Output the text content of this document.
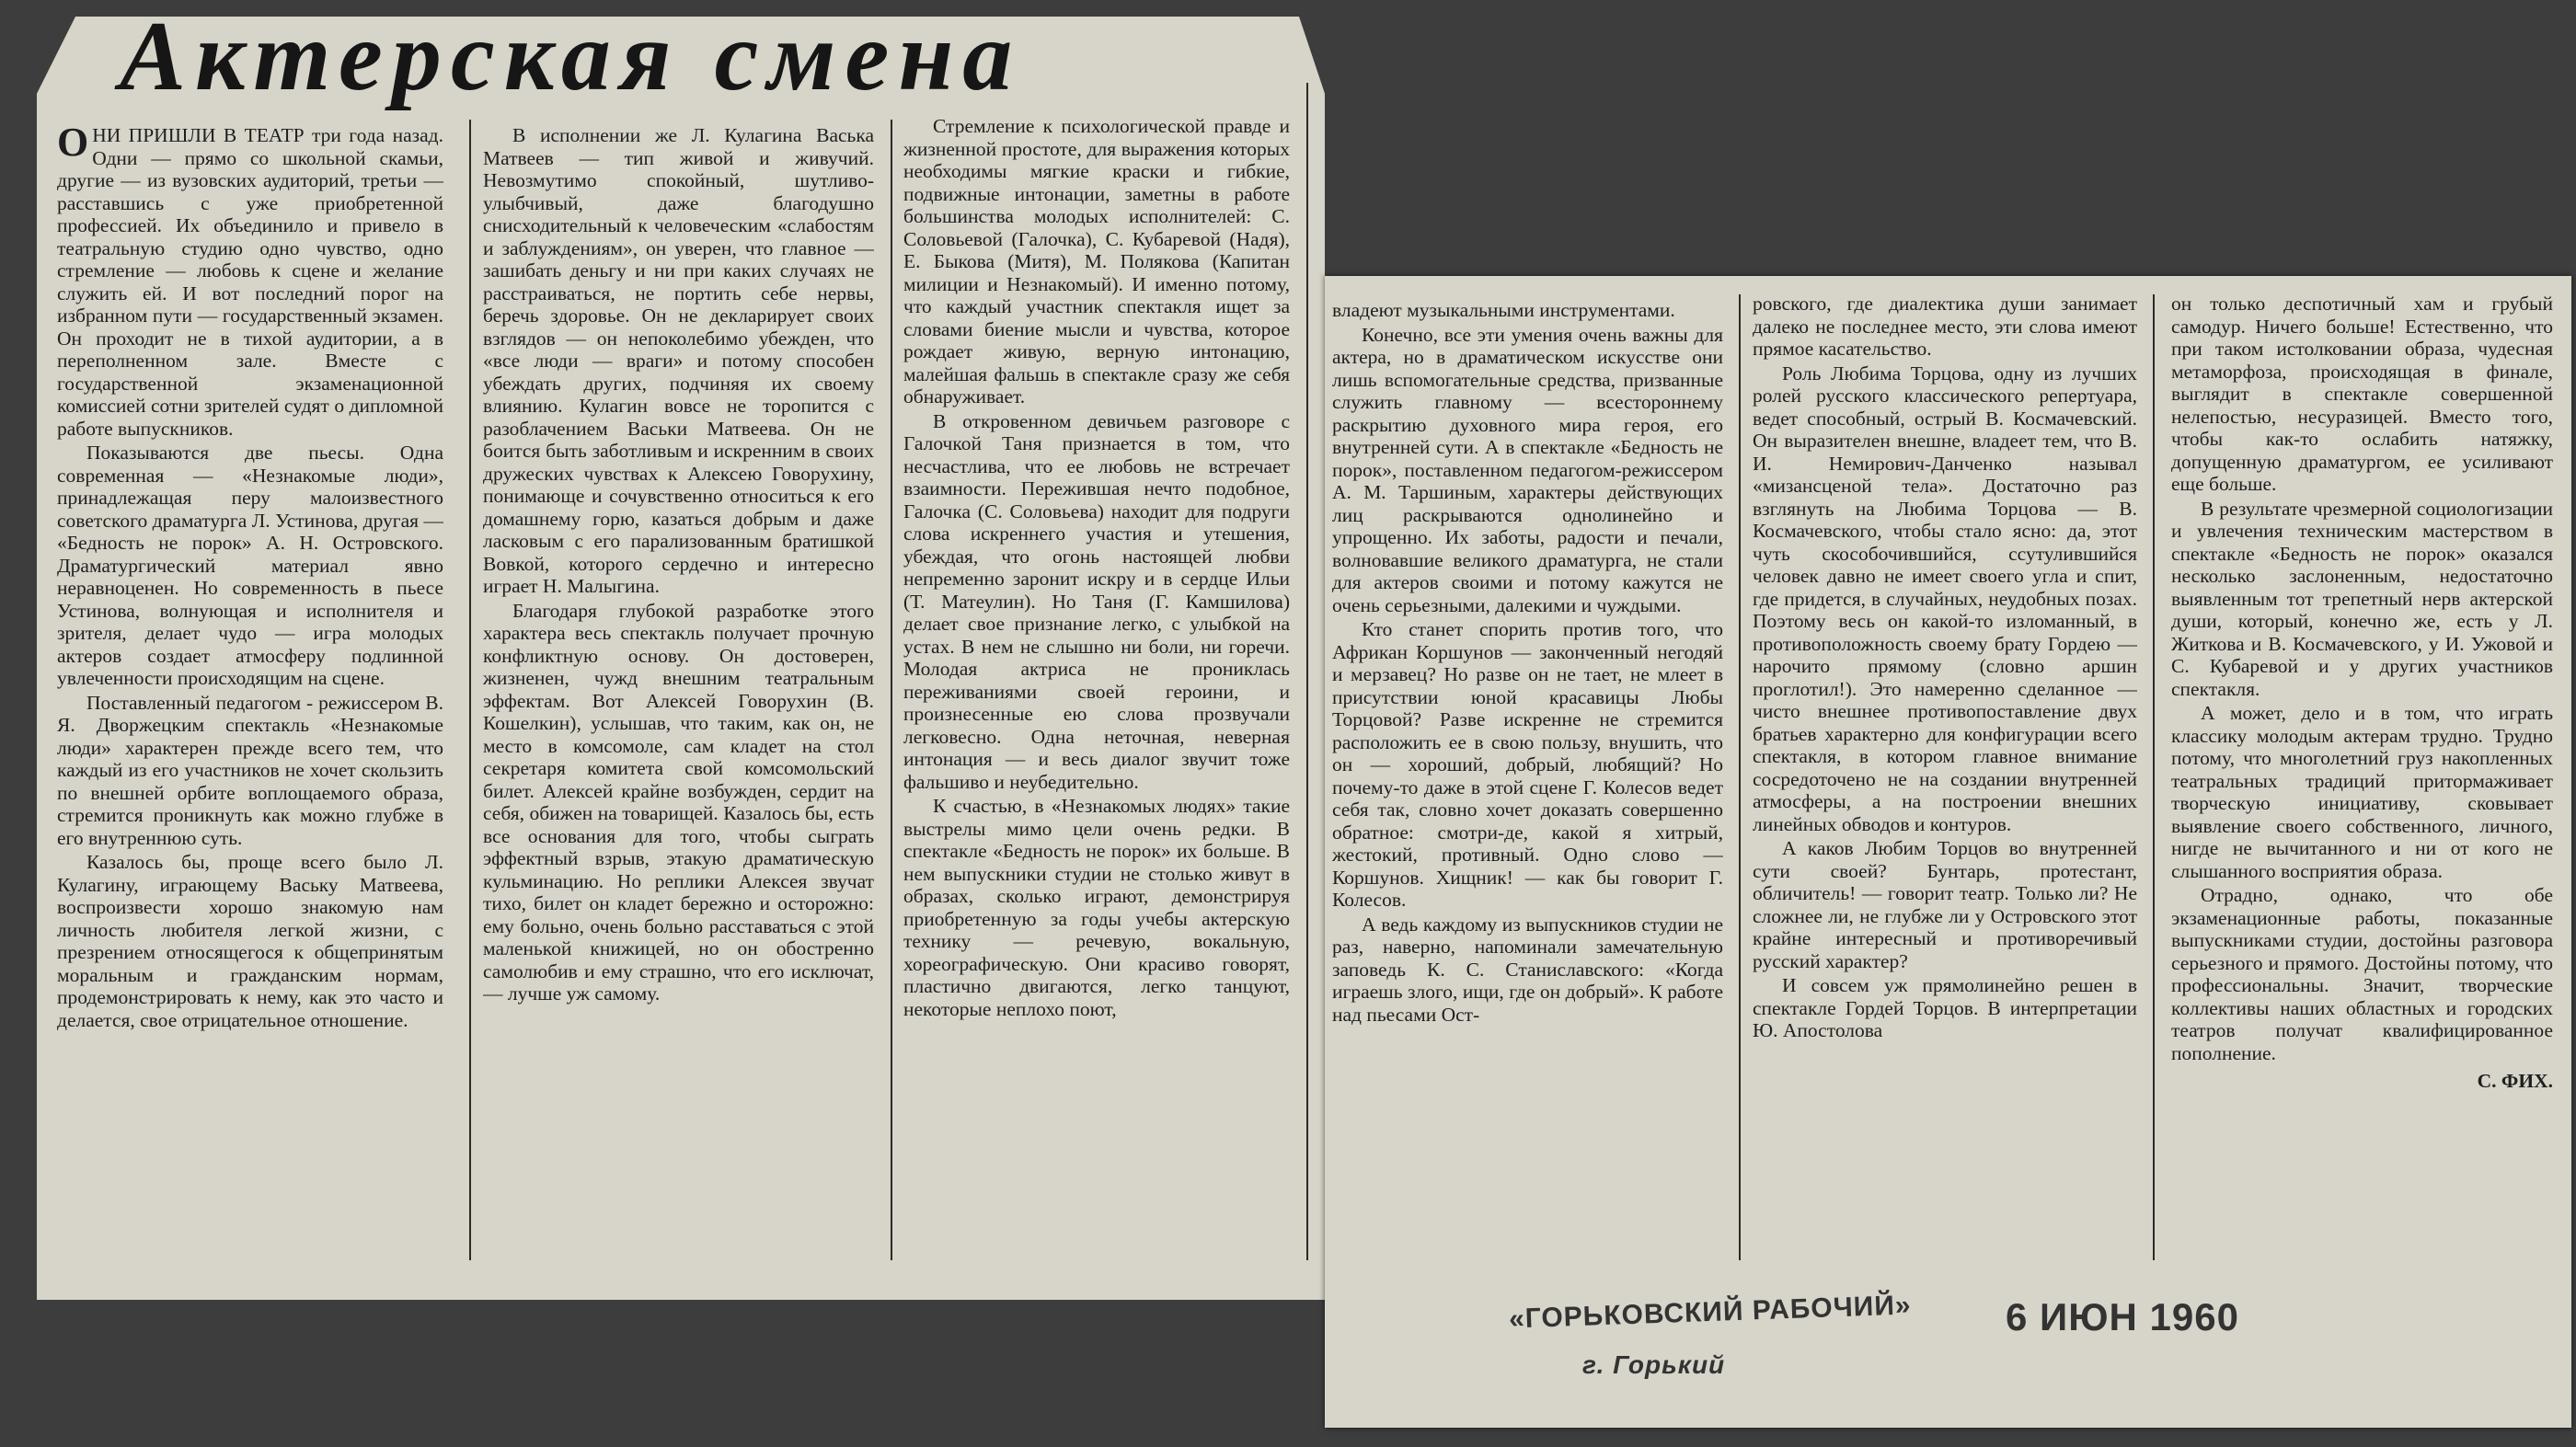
Актерская смена

ОНИ ПРИШЛИ В ТЕАТР три года назад. Одни — прямо со школьной скамьи, другие — из вузовских аудиторий, третьи — расставшись с уже приобретенной профессией. Их объединило и привело в театральную студию одно чувство, одно стремление — любовь к сцене и желание служить ей. И вот последний порог на избранном пути — государственный экзамен. Он проходит не в тихой аудитории, а в переполненном зале. Вместе с государственной экзаменационной комиссией сотни зрителей судят о дипломной работе выпускников.

Показываются две пьесы. Одна современная — «Незнакомые люди», принадлежащая перу малоизвестного советского драматурга Л. Устинова, другая — «Бедность не порок» А. Н. Островского. Драматургический материал явно неравноценен. Но современность в пьесе Устинова, волнующая и исполнителя и зрителя, делает чудо — игра молодых актеров создает атмосферу подлинной увлеченности происходящим на сцене.

Поставленный педагогом - режиссером В. Я. Дворжецким спектакль «Незнакомые люди» характерен прежде всего тем, что каждый из его участников не хочет скользить по внешней орбите воплощаемого образа, стремится проникнуть как можно глубже в его внутреннюю суть.

Казалось бы, проще всего было Л. Кулагину, играющему Ваську Матвеева, воспроизвести хорошо знакомую нам личность любителя легкой жизни, с презрением относящегося к общепринятым моральным и гражданским нормам, продемонстрировать к нему, как это часто и делается, свое отрицательное отношение.

В исполнении же Л. Кулагина Васька Матвеев — тип живой и живучий. Невозмутимо спокойный, шутливо-улыбчивый, даже благодушно снисходительный к человеческим «слабостям и заблуждениям», он уверен, что главное — зашибать деньгу и ни при каких случаях не расстраиваться, не портить себе нервы, беречь здоровье. Он не декларирует своих взглядов — он непоколебимо убежден, что «все люди — враги» и потому способен убеждать других, подчиняя их своему влиянию. Кулагин вовсе не торопится с разоблачением Васьки Матвеева. Он не боится быть заботливым и искренним в своих дружеских чувствах к Алексею Говорухину, понимающе и сочувственно относиться к его домашнему горю, казаться добрым и даже ласковым с его парализованным братишкой Вовкой, которого сердечно и интересно играет Н. Малыгина.

Благодаря глубокой разработке этого характера весь спектакль получает прочную конфликтную основу. Он достоверен, жизненен, чужд внешним театральным эффектам. Вот Алексей Говорухин (В. Кошелкин), услышав, что таким, как он, не место в комсомоле, сам кладет на стол секретаря комитета свой комсомольский билет. Алексей крайне возбужден, сердит на себя, обижен на товарищей. Казалось бы, есть все основания для того, чтобы сыграть эффектный взрыв, этакую драматическую кульминацию. Но реплики Алексея звучат тихо, билет он кладет бережно и осторожно: ему больно, очень больно расставаться с этой маленькой книжицей, но он обостренно самолюбив и ему страшно, что его исключат, — лучше уж самому.

Стремление к психологической правде и жизненной простоте, для выражения которых необходимы мягкие краски и гибкие, подвижные интонации, заметны в работе большинства молодых исполнителей: С. Соловьевой (Галочка), С. Кубаревой (Надя), Е. Быкова (Митя), М. Полякова (Капитан милиции и Незнакомый). И именно потому, что каждый участник спектакля ищет за словами биение мысли и чувства, которое рождает живую, верную интонацию, малейшая фальшь в спектакле сразу же себя обнаруживает.

В откровенном девичьем разговоре с Галочкой Таня признается в том, что несчастлива, что ее любовь не встречает взаимности. Пережившая нечто подобное, Галочка (С. Соловьева) находит для подруги слова искреннего участия и утешения, убеждая, что огонь настоящей любви непременно заронит искру и в сердце Ильи (Т. Матеулин). Но Таня (Г. Камшилова) делает свое признание легко, с улыбкой на устах. В нем не слышно ни боли, ни горечи. Молодая актриса не прониклась переживаниями своей героини, и произнесенные ею слова прозвучали легковесно. Одна неточная, неверная интонация — и весь диалог звучит тоже фальшиво и неубедительно.

К счастью, в «Незнакомых людях» такие выстрелы мимо цели очень редки. В спектакле «Бедность не порок» их больше. В нем выпускники студии не столько живут в образах, сколько играют, демонстрируя приобретенную за годы учебы актерскую технику — речевую, вокальную, хореографическую. Они красиво говорят, пластично двигаются, легко танцуют, некоторые неплохо поют,

владеют музыкальными инструментами.

Конечно, все эти умения очень важны для актера, но в драматическом искусстве они лишь вспомогательные средства, призванные служить главному — всестороннему раскрытию духовного мира героя, его внутренней сути. А в спектакле «Бедность не порок», поставленном педагогом-режиссером А. М. Таршиным, характеры действующих лиц раскрываются однолинейно и упрощенно. Их заботы, радости и печали, волновавшие великого драматурга, не стали для актеров своими и потому кажутся не очень серьезными, далекими и чуждыми.

Кто станет спорить против того, что Африкан Коршунов — законченный негодяй и мерзавец? Но разве он не тает, не млеет в присутствии юной красавицы Любы Торцовой? Разве искренне не стремится расположить ее в свою пользу, внушить, что он — хороший, добрый, любящий? Но почему-то даже в этой сцене Г. Колесов ведет себя так, словно хочет доказать совершенно обратное: смотри-де, какой я хитрый, жестокий, противный. Одно слово — Коршунов. Хищник! — как бы говорит Г. Колесов.

А ведь каждому из выпускников студии не раз, наверно, напоминали замечательную заповедь К. С. Станиславского: «Когда играешь злого, ищи, где он добрый». К работе над пьесами Ост-

ровского, где диалектика души занимает далеко не последнее место, эти слова имеют прямое касательство.

Роль Любима Торцова, одну из лучших ролей русского классического репертуара, ведет способный, острый В. Космачевский. Он выразителен внешне, владеет тем, что В. И. Немирович-Данченко называл «мизансценой тела». Достаточно раз взглянуть на Любима Торцова — В. Космачевского, чтобы стало ясно: да, этот чуть скособочившийся, ссутулившийся человек давно не имеет своего угла и спит, где придется, в случайных, неудобных позах. Поэтому весь он какой-то изломанный, в противоположность своему брату Гордею — нарочито прямому (словно аршин проглотил!). Это намеренно сделанное — чисто внешнее противопоставление двух братьев характерно для конфигурации всего спектакля, в котором главное внимание сосредоточено не на создании внутренней атмосферы, а на построении внешних линейных обводов и контуров.

А каков Любим Торцов во внутренней сути своей? Бунтарь, протестант, обличитель! — говорит театр. Только ли? Не сложнее ли, не глубже ли у Островского этот крайне интересный и противоречивый русский характер?

И совсем уж прямолинейно решен в спектакле Гордей Торцов. В интерпретации Ю. Апостолова

он только деспотичный хам и грубый самодур. Ничего больше! Естественно, что при таком истолковании образа, чудесная метаморфоза, происходящая в финале, выглядит в спектакле совершенной нелепостью, несуразицей. Вместо того, чтобы как-то ослабить натяжку, допущенную драматургом, ее усиливают еще больше.

В результате чрезмерной социологизации и увлечения техническим мастерством в спектакле «Бедность не порок» оказался несколько заслоненным, недостаточно выявленным тот трепетный нерв актерской души, который, конечно же, есть у Л. Житкова и В. Космачевского, у И. Ужовой и С. Кубаревой и у других участников спектакля.

А может, дело и в том, что играть классику молодым актерам трудно. Трудно потому, что многолетний груз накопленных театральных традиций притормаживает творческую инициативу, сковывает выявление своего собственного, личного, нигде не вычитанного и ни от кого не слышанного восприятия образа.

Отрадно, однако, что обе экзаменационные работы, показанные выпускниками студии, достойны разговора серьезного и прямого. Достойны потому, что профессиональны. Значит, творческие коллективы наших областных и городских театров получат квалифицированное пополнение.

С. ФИХ.
«ГОРЬКОВСКИЙ РАБОЧИЙ»
г. Горький
6 ИЮН 1960
